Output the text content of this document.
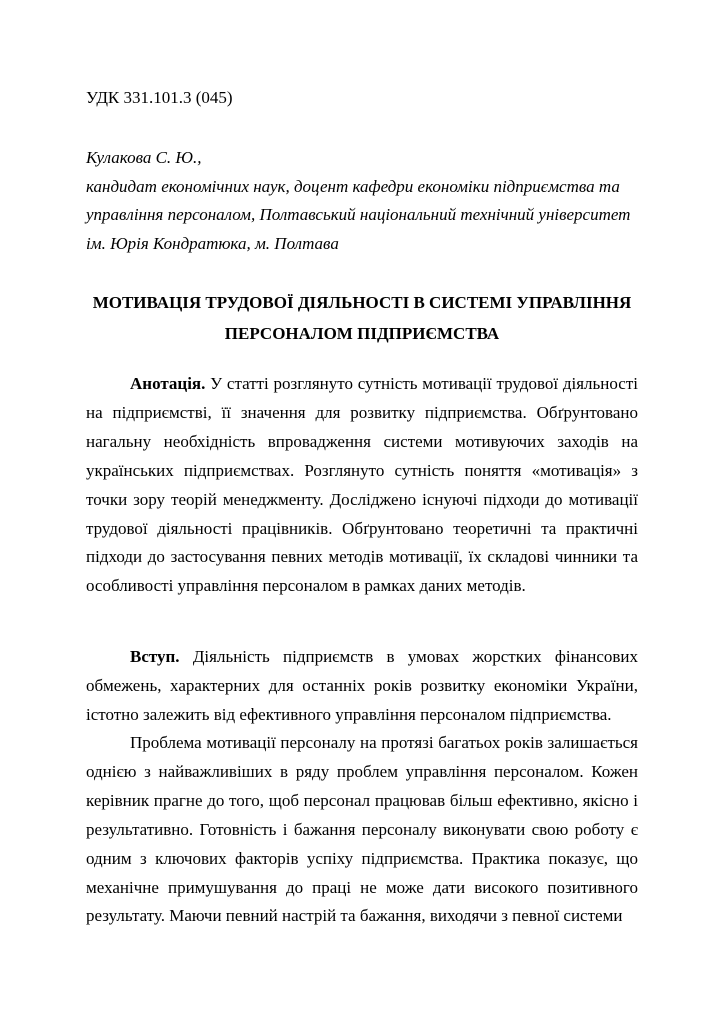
УДК 331.101.3 (045)

Кулакова С. Ю.,
кандидат економічних наук, доцент кафедри економіки підприємства та
управління персоналом, Полтавський національний технічний університет
ім. Юрія Кондратюка, м. Полтава
МОТИВАЦІЯ ТРУДОВОЇ ДІЯЛЬНОСТІ В СИСТЕМІ УПРАВЛІННЯ
ПЕРСОНАЛОМ ПІДПРИЄМСТВА

Анотація. У статті розглянуто сутність мотивації трудової діяльності на підприємстві, її значення для розвитку підприємства. Обґрунтовано нагальну необхідність впровадження системи мотивуючих заходів на українських підприємствах. Розглянуто сутність поняття «мотивація» з точки зору теорій менеджменту. Досліджено існуючі підходи до мотивації трудової діяльності працівників. Обґрунтовано теоретичні та практичні підходи до застосування певних методів мотивації, їх складові чинники та особливості управління персоналом в рамках даних методів.

Вступ. Діяльність підприємств в умовах жорстких фінансових обмежень, характерних для останніх років розвитку економіки України, істотно залежить від ефективного управління персоналом підприємства.

Проблема мотивації персоналу на протязі багатьох років залишається однією з найважливіших в ряду проблем управління персоналом. Кожен керівник прагне до того, щоб персонал працював більш ефективно, якісно і результативно. Готовність і бажання персоналу виконувати свою роботу є одним з ключових факторів успіху підприємства. Практика показує, що механічне примушування до праці не може дати високого позитивного результату. Маючи певний настрій та бажання, виходячи з певної системи
